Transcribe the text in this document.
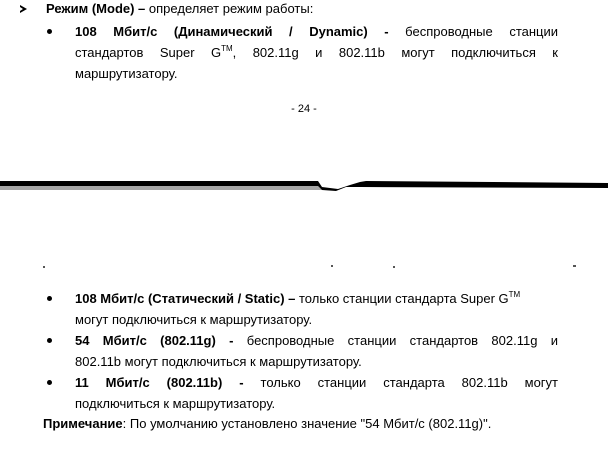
Режим (Mode) – определяет режим работы:
108 Мбит/с (Динамический / Dynamic) - беспроводные станции
стандартов Super G™, 802.11g и 802.11b могут подключиться к
маршрутизатору.
- 24 -
108 Мбит/с (Статический / Static) – только станции стандарта Super G™
могут подключиться к маршрутизатору.
54 Мбит/с (802.11g) - беспроводные станции стандартов 802.11g и
802.11b могут подключиться к маршрутизатору.
11 Мбит/с (802.11b) - только станции стандарта 802.11b могут
подключиться к маршрутизатору.
Примечание: По умолчанию установлено значение "54 Мбит/с (802.11g)".
